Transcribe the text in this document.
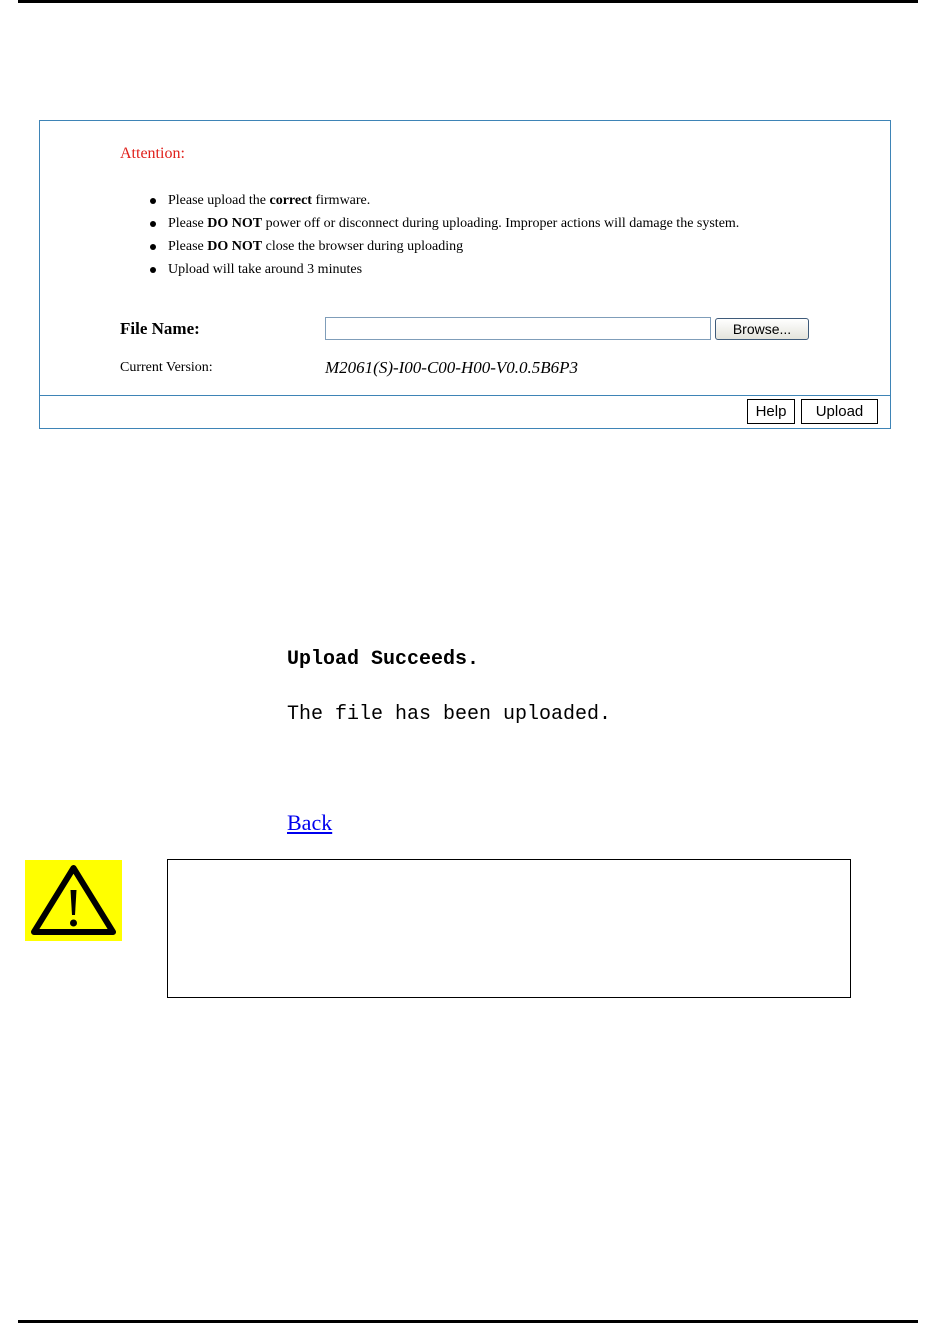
Attention:
Please upload the correct firmware.
Please DO NOT power off or disconnect during uploading. Improper actions will damage the system.
Please DO NOT close the browser during uploading
Upload will take around 3 minutes
File Name:	Browse...
Current Version:	M2061(S)-I00-C00-H00-V0.0.5B6P3
Help	Upload
Upload Succeeds.
The file has been uploaded.
Back
